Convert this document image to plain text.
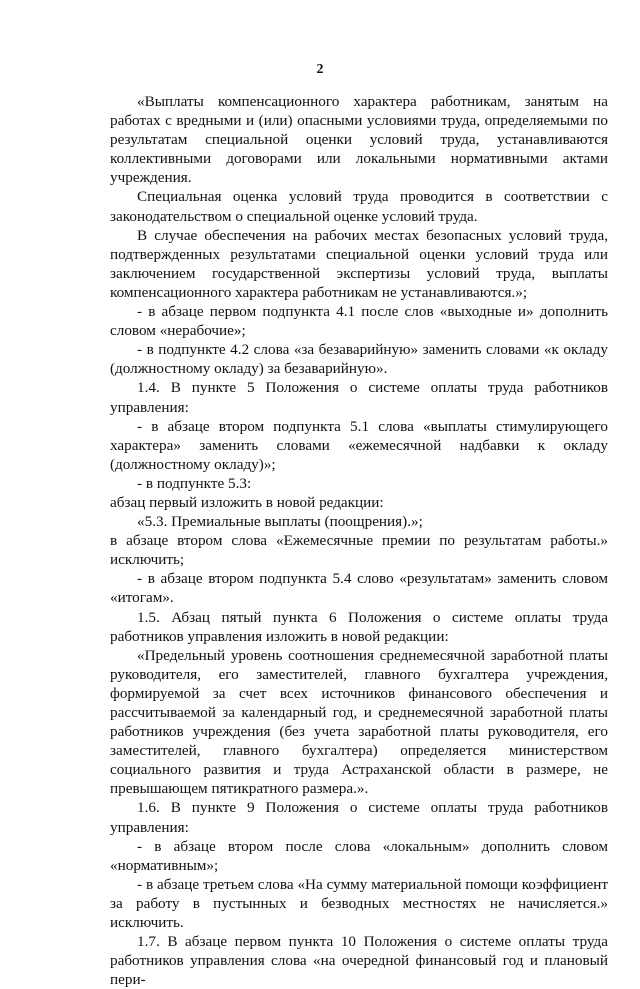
2

«Выплаты компенсационного характера работникам, занятым на работах с вредными и (или) опасными условиями труда, определяемыми по результатам специальной оценки условий труда, устанавливаются коллективными договорами или локальными нормативными актами учреждения.

Специальная оценка условий труда проводится в соответствии с законодательством о специальной оценке условий труда.

В случае обеспечения на рабочих местах безопасных условий труда, подтвержденных результатами специальной оценки условий труда или заключением государственной экспертизы условий труда, выплаты компенсационного характера работникам не устанавливаются.»;

- в абзаце первом подпункта 4.1 после слов «выходные и» дополнить словом «нерабочие»;

- в подпункте 4.2 слова «за безаварийную» заменить словами «к окладу (должностному окладу) за безаварийную».

1.4. В пункте 5 Положения о системе оплаты труда работников управления:

- в абзаце втором подпункта 5.1 слова «выплаты стимулирующего характера» заменить словами «ежемесячной надбавки к окладу (должностному окладу)»;

- в подпункте 5.3:

абзац первый изложить в новой редакции:

«5.3. Премиальные выплаты (поощрения).»;

в абзаце втором слова «Ежемесячные премии по результатам работы.» исключить;

- в абзаце втором подпункта 5.4 слово «результатам» заменить словом «итогам».

1.5. Абзац пятый пункта 6 Положения о системе оплаты труда работников управления изложить в новой редакции:

«Предельный уровень соотношения среднемесячной заработной платы руководителя, его заместителей, главного бухгалтера учреждения, формируемой за счет всех источников финансового обеспечения и рассчитываемой за календарный год, и среднемесячной заработной платы работников учреждения (без учета заработной платы руководителя, его заместителей, главного бухгалтера) определяется министерством социального развития и труда Астраханской области в размере, не превышающем пятикратного размера.».

1.6. В пункте 9 Положения о системе оплаты труда работников управления:

- в абзаце втором после слова «локальным» дополнить словом «нормативным»;

- в абзаце третьем слова «На сумму материальной помощи коэффициент за работу в пустынных и безводных местностях не начисляется.» исключить.

1.7. В абзаце первом пункта 10 Положения о системе оплаты труда работников управления слова «на очередной финансовый год и плановый пери-
